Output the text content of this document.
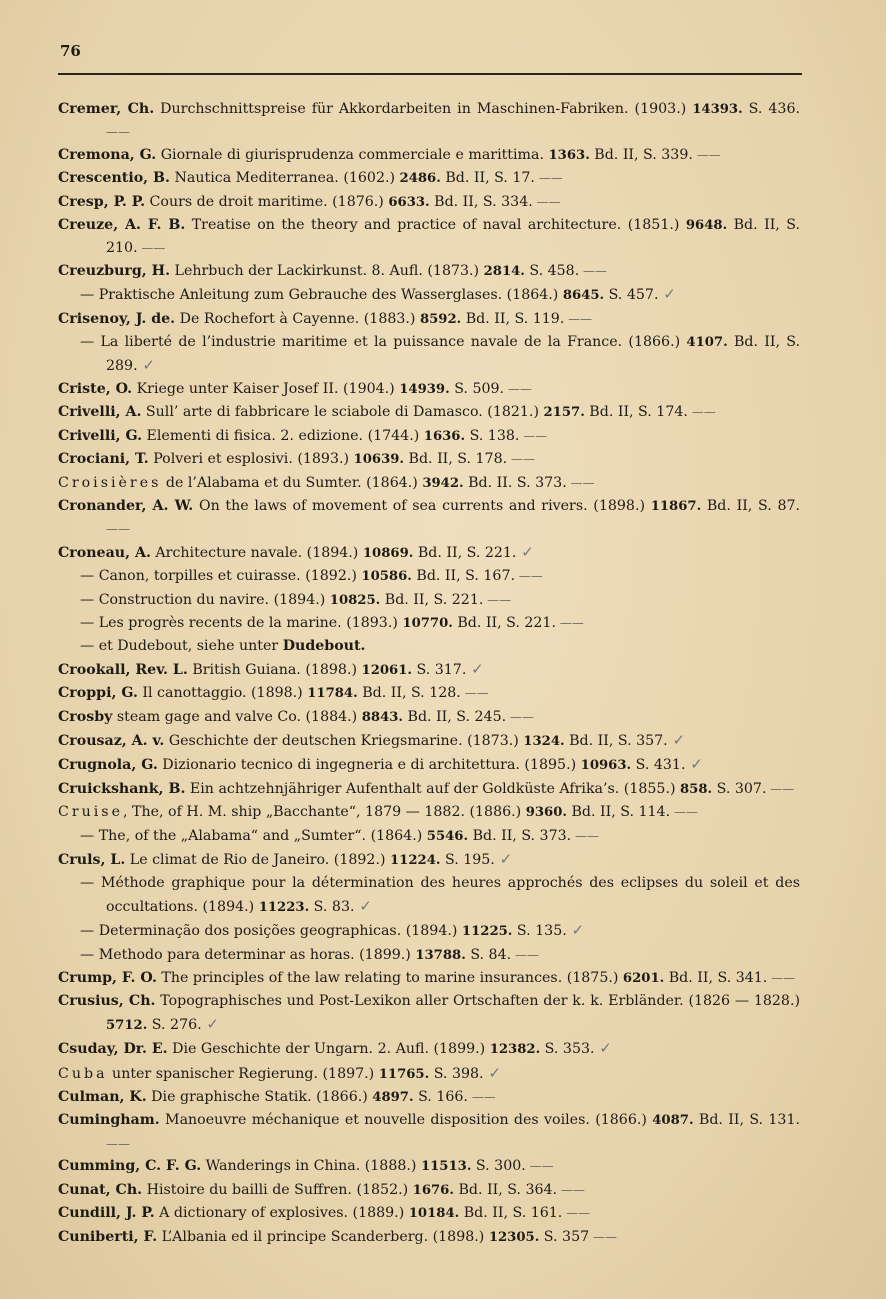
76
Cremer, Ch. Durchschnittspreise für Akkordarbeiten in Maschinen-Fabriken. (1903.) 14393. S. 436. ——
Cremona, G. Giornale di giurisprudenza commerciale e marittima. 1363. Bd. II, S. 339. ——
Crescentio, B. Nautica Mediterranea. (1602.) 2486. Bd. II, S. 17. ——
Cresp, P. P. Cours de droit maritime. (1876.) 6633. Bd. II, S. 334. ——
Creuze, A. F. B. Treatise on the theory and practice of naval architecture. (1851.) 9648. Bd. II, S. 210. ——
Creuzburg, H. Lehrbuch der Lackirkunst. 8. Aufl. (1873.) 2814. S. 458. ——
— Praktische Anleitung zum Gebrauche des Wasserglases. (1864.) 8645. S. 457. ✓
Crisenoy, J. de. De Rochefort à Cayenne. (1883.) 8592. Bd. II, S. 119. ——
— La liberté de l’industrie maritime et la puissance navale de la France. (1866.) 4107. Bd. II, S. 289. ✓
Criste, O. Kriege unter Kaiser Josef II. (1904.) 14939. S. 509. ——
Crivelli, A. Sull’ arte di fabbricare le sciabole di Damasco. (1821.) 2157. Bd. II, S. 174. ——
Crivelli, G. Elementi di fisica. 2. edizione. (1744.) 1636. S. 138. ——
Crociani, T. Polveri et esplosivi. (1893.) 10639. Bd. II, S. 178. ——
Croisières de l’Alabama et du Sumter. (1864.) 3942. Bd. II. S. 373. ——
Cronander, A. W. On the laws of movement of sea currents and rivers. (1898.) 11867. Bd. II, S. 87. ——
Croneau, A. Architecture navale. (1894.) 10869. Bd. II, S. 221. ✓
— Canon, torpilles et cuirasse. (1892.) 10586. Bd. II, S. 167. ——
— Construction du navire. (1894.) 10825. Bd. II, S. 221. ——
— Les progrès recents de la marine. (1893.) 10770. Bd. II, S. 221. ——
— et Dudebout, siehe unter Dudebout.
Crookall, Rev. L. British Guiana. (1898.) 12061. S. 317. ✓
Croppi, G. Il canottaggio. (1898.) 11784. Bd. II, S. 128. ——
Crosby steam gage and valve Co. (1884.) 8843. Bd. II, S. 245. ——
Crousaz, A. v. Geschichte der deutschen Kriegsmarine. (1873.) 1324. Bd. II, S. 357. ✓
Crugnola, G. Dizionario tecnico di ingegneria e di architettura. (1895.) 10963. S. 431. ✓
Cruickshank, B. Ein achtzehnjähriger Aufenthalt auf der Goldküste Afrika’s. (1855.) 858. S. 307. ——
Cruise, The, of H. M. ship „Bacchante“, 1879 — 1882. (1886.) 9360. Bd. II, S. 114. ——
— The, of the „Alabama“ and „Sumter“. (1864.) 5546. Bd. II, S. 373. ——
Cruls, L. Le climat de Rio de Janeiro. (1892.) 11224. S. 195. ✓
— Méthode graphique pour la détermination des heures approchés des eclipses du soleil et des occultations. (1894.) 11223. S. 83. ✓
— Determinação dos posições geographicas. (1894.) 11225. S. 135. ✓
— Methodo para determinar as horas. (1899.) 13788. S. 84. ——
Crump, F. O. The principles of the law relating to marine insurances. (1875.) 6201. Bd. II, S. 341. ——
Crusius, Ch. Topographisches und Post-Lexikon aller Ortschaften der k. k. Erbländer. (1826 — 1828.) 5712. S. 276. ✓
Csuday, Dr. E. Die Geschichte der Ungarn. 2. Aufl. (1899.) 12382. S. 353. ✓
Cuba unter spanischer Regierung. (1897.) 11765. S. 398. ✓
Culman, K. Die graphische Statik. (1866.) 4897. S. 166. ——
Cumingham. Manoeuvre méchanique et nouvelle disposition des voiles. (1866.) 4087. Bd. II, S. 131. ——
Cumming, C. F. G. Wanderings in China. (1888.) 11513. S. 300. ——
Cunat, Ch. Histoire du bailli de Suffren. (1852.) 1676. Bd. II, S. 364. ——
Cundill, J. P. A dictionary of explosives. (1889.) 10184. Bd. II, S. 161. ——
Cuniberti, F. L’Albania ed il principe Scanderberg. (1898.) 12305. S. 357 ——
